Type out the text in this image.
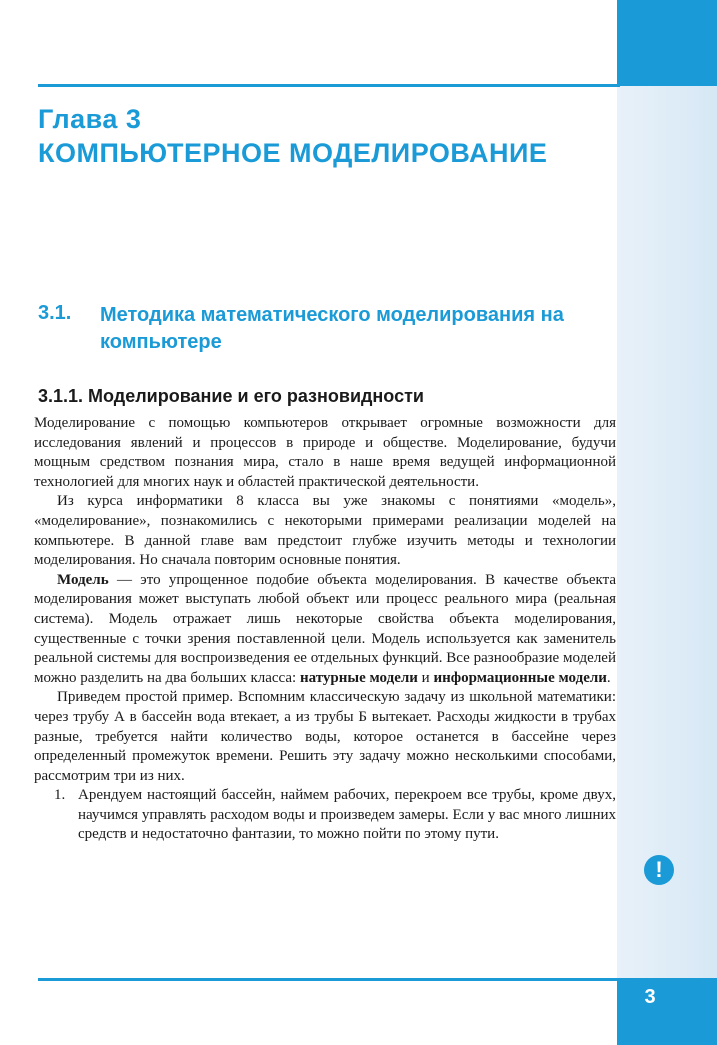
Глава 3
КОМПЬЮТЕРНОЕ МОДЕЛИРОВАНИЕ
3.1. Методика математического моделирования на компьютере
3.1.1. Моделирование и его разновидности

Моделирование с помощью компьютеров открывает огромные возможности для исследования явлений и процессов в природе и обществе. Моделирование, будучи мощным средством познания мира, стало в наше время ведущей информационной технологией для многих наук и областей практической деятельности.

Из курса информатики 8 класса вы уже знакомы с понятиями «модель», «моделирование», познакомились с некоторыми примерами реализации моделей на компьютере. В данной главе вам предстоит глубже изучить методы и технологии моделирования. Но сначала повторим основные понятия.

Модель — это упрощенное подобие объекта моделирования. В качестве объекта моделирования может выступать любой объект или процесс реального мира (реальная система). Модель отражает лишь некоторые свойства объекта моделирования, существенные с точки зрения поставленной цели. Модель используется как заменитель реальной системы для воспроизведения ее отдельных функций. Все разнообразие моделей можно разделить на два больших класса: натурные модели и информационные модели.

Приведем простой пример. Вспомним классическую задачу из школьной математики: через трубу А в бассейн вода втекает, а из трубы Б вытекает. Расходы жидкости в трубах разные, требуется найти количество воды, которое останется в бассейне через определенный промежуток времени. Решить эту задачу можно несколькими способами, рассмотрим три из них.

1. Арендуем настоящий бассейн, наймем рабочих, перекроем все трубы, кроме двух, научимся управлять расходом воды и произведем замеры. Если у вас много лишних средств и недостаточно фантазии, то можно пойти по этому пути.
!
3
